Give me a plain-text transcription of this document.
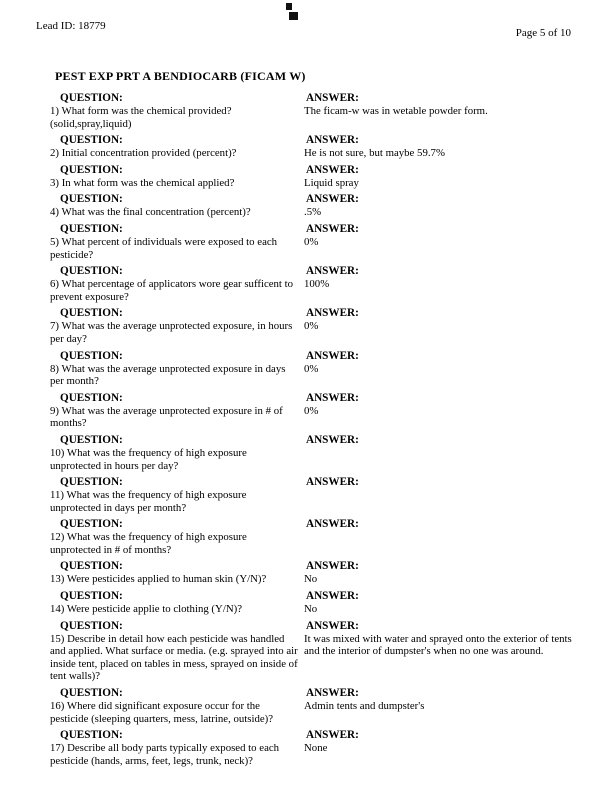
Lead ID: 18779
Page 5 of 10
PEST EXP PRT A BENDIOCARB (FICAM W)
QUESTION:
1) What form was the chemical provided?(solid,spray,liquid)
ANSWER:
The ficam-w was in wetable powder form.
QUESTION:
2) Initial concentration provided (percent)?
ANSWER:
He is not sure, but maybe 59.7%
QUESTION:
3) In what form was the chemical applied?
ANSWER:
Liquid spray
QUESTION:
4) What was the final concentration (percent)?
ANSWER:
.5%
QUESTION:
5) What percent of individuals were exposed to each pesticide?
ANSWER:
0%
QUESTION:
6) What percentage of applicators wore gear sufficent to prevent exposure?
ANSWER:
100%
QUESTION:
7) What was the average unprotected exposure, in hours per day?
ANSWER:
0%
QUESTION:
8) What was the average unprotected exposure in days per month?
ANSWER:
0%
QUESTION:
9) What was the average unprotected exposure in # of months?
ANSWER:
0%
QUESTION:
10) What was the frequency of high exposure unprotected in hours per day?
ANSWER:
QUESTION:
11) What was the frequency of high exposure unprotected in days per month?
ANSWER:
QUESTION:
12) What was the frequency of high exposure unprotected in # of months?
ANSWER:
QUESTION:
13) Were pesticides applied to human skin (Y/N)?
ANSWER:
No
QUESTION:
14) Were pesticide applie to clothing (Y/N)?
ANSWER:
No
QUESTION:
15) Describe in detail how each pesticide was handled and applied. What surface or media. (e.g. sprayed into air inside tent, placed on tables in mess, sprayed on inside of tent walls)?
ANSWER:
It was mixed with water and sprayed onto the exterior of tents and the interior of dumpster's when no one was around.
QUESTION:
16) Where did significant exposure occur for the pesticide (sleeping quarters, mess, latrine, outside)?
ANSWER:
Admin tents and dumpster's
QUESTION:
17) Describe all body parts typically exposed to each pesticide (hands, arms, feet, legs, trunk, neck)?
ANSWER:
None
